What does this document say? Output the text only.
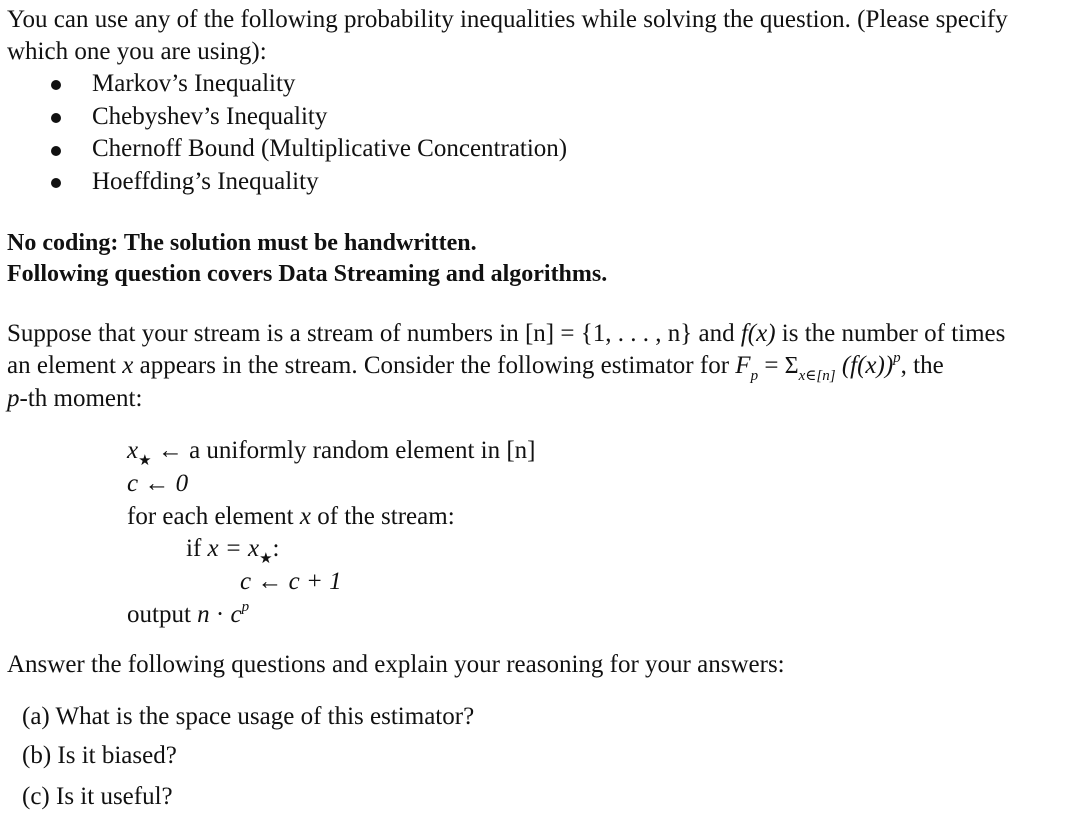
You can use any of the following probability inequalities while solving the question. (Please specify
which one you are using):
Markov’s Inequality
Chebyshev’s Inequality
Chernoff Bound (Multiplicative Concentration)
Hoeffding’s Inequality
No coding: The solution must be handwritten.
Following question covers Data Streaming and algorithms.
Suppose that your stream is a stream of numbers in [n] = {1, . . . , n} and f(x) is the number of times
an element x appears in the stream. Consider the following estimator for $F_p = \Sigma_{x\in[n]}$ $(f(x))^p$, the
p-th moment:
$x_★$ ← a uniformly random element in [n]
c ← 0
for each element x of the stream:
if $x = x_★$:
c ← c + 1
output $n \cdot c^p$
Answer the following questions and explain your reasoning for your answers:
(a) What is the space usage of this estimator?
(b) Is it biased?
(c) Is it useful?
